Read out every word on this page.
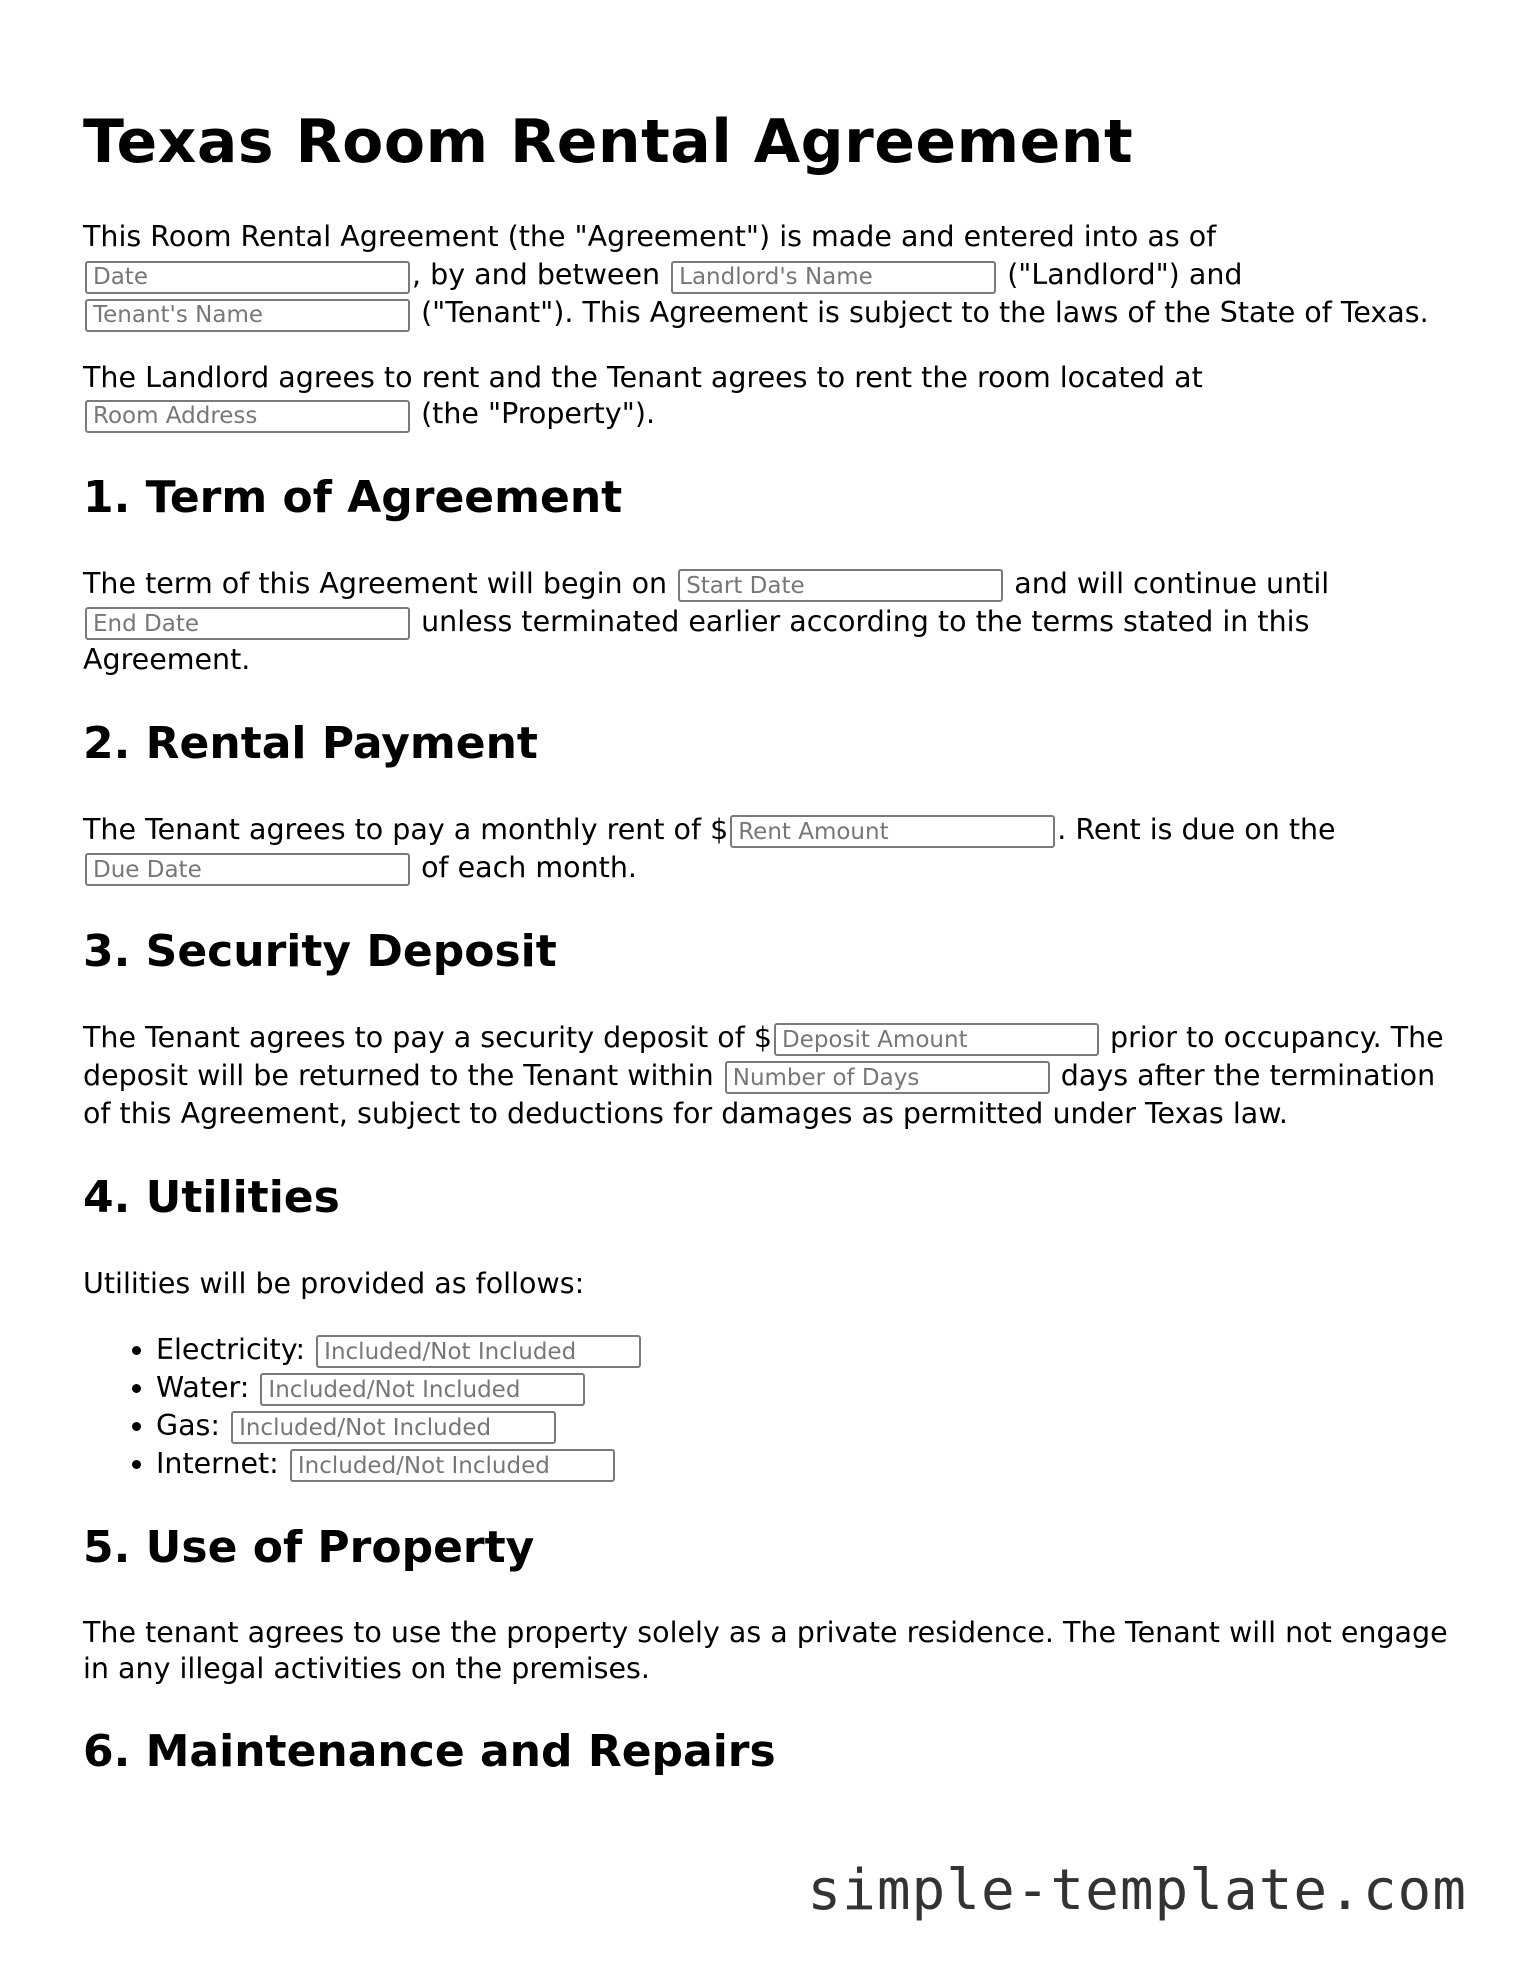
Texas Room Rental Agreement

This Room Rental Agreement (the "Agreement") is made and entered into as of Date, by and between Landlord's Name	("Landlord") and Tenant's Name ("Tenant"). This Agreement is subject to the laws of the State of Texas.

The Landlord agrees to rent and the Tenant agrees to rent the room located at Room Address (the "Property").

1. Term of Agreement

The term of this Agreement will begin on Start Date	and will continue until End Date unless terminated earlier according to the terms stated in this Agreement.

2. Rental Payment

The Tenant agrees to pay a monthly rent of $Rent Amount	. Rent is due on the Due Date of each month.

3. Security Deposit

The Tenant agrees to pay a security deposit of $Deposit Amount	prior to occupancy. The deposit will be returned to the Tenant within Number of Days	days after the termination of this Agreement, subject to deductions for damages as permitted under Texas law.

4. Utilities

Utilities will be provided as follows:

• Electricity: Included/Not Included
• Water: Included/Not Included
• Gas: Included/Not Included
• Internet: Included/Not Included
5. Use of Property

The tenant agrees to use the property solely as a private residence. The Tenant will not engage in any illegal activities on the premises.

6. Maintenance and Repairs
simple-template.com
